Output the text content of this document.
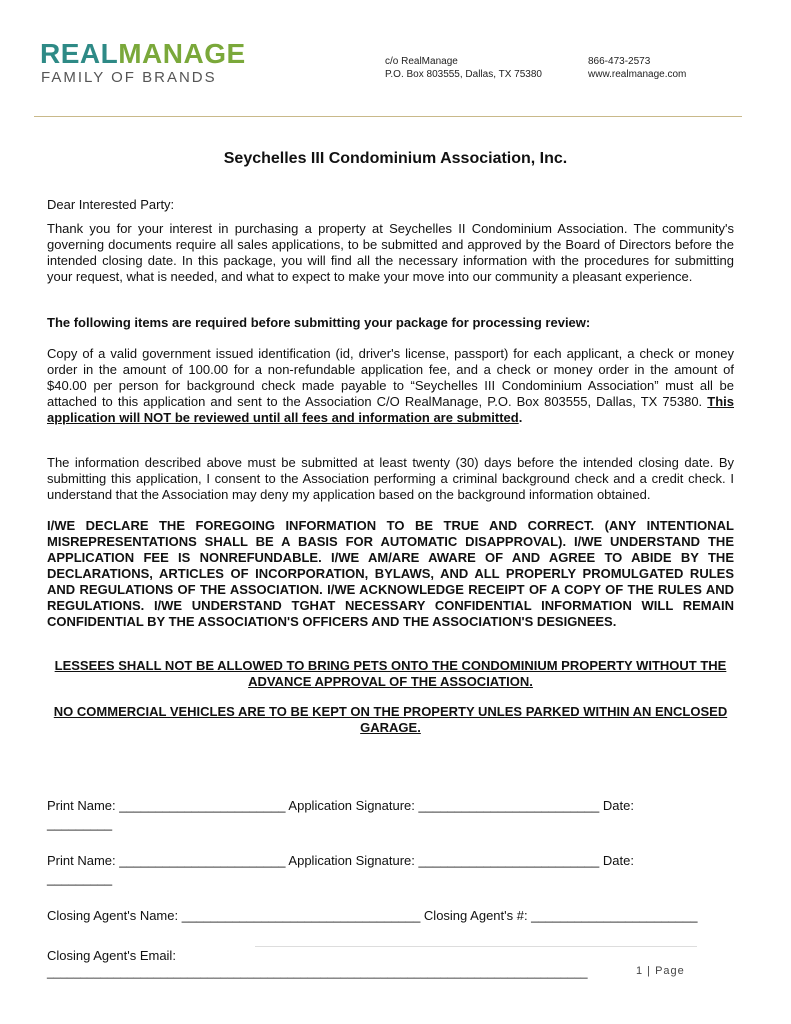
REALMANAGE
FAMILY OF BRANDS
c/o RealManage
P.O. Box 803555, Dallas, TX 75380
866-473-2573
www.realmanage.com
Seychelles III Condominium Association, Inc.
Dear Interested Party:
Thank you for your interest in purchasing a property at Seychelles II Condominium Association. The community's governing documents require all sales applications, to be submitted and approved by the Board of Directors before the intended closing date. In this package, you will find all the necessary information with the procedures for submitting your request, what is needed, and what to expect to make your move into our community a pleasant experience.
The following items are required before submitting your package for processing review:
Copy of a valid government issued identification (id, driver's license, passport) for each applicant, a check or money order in the amount of 100.00 for a non-refundable application fee, and a check or money order in the amount of $40.00 per person for background check made payable to “Seychelles III Condominium Association” must all be attached to this application and sent to the Association C/O RealManage, P.O. Box 803555, Dallas, TX 75380. This application will NOT be reviewed until all fees and information are submitted.
The information described above must be submitted at least twenty (30) days before the intended closing date. By submitting this application, I consent to the Association performing a criminal background check and a credit check. I understand that the Association may deny my application based on the background information obtained.
I/WE DECLARE THE FOREGOING INFORMATION TO BE TRUE AND CORRECT. (ANY INTENTIONAL MISREPRESENTATIONS SHALL BE A BASIS FOR AUTOMATIC DISAPPROVAL). I/WE UNDERSTAND THE APPLICATION FEE IS NONREFUNDABLE. I/WE AM/ARE AWARE OF AND AGREE TO ABIDE BY THE DECLARATIONS, ARTICLES OF INCORPORATION, BYLAWS, AND ALL PROPERLY PROMULGATED RULES AND REGULATIONS OF THE ASSOCIATION. I/WE ACKNOWLEDGE RECEIPT OF A COPY OF THE RULES AND REGULATIONS. I/WE UNDERSTAND TGHAT NECESSARY CONFIDENTIAL INFORMATION WILL REMAIN CONFIDENTIAL BY THE ASSOCIATION'S OFFICERS AND THE ASSOCIATION'S DESIGNEES.
LESSEES SHALL NOT BE ALLOWED TO BRING PETS ONTO THE CONDOMINIUM PROPERTY WITHOUT THE ADVANCE APPROVAL OF THE ASSOCIATION.
NO COMMERCIAL VEHICLES ARE TO BE KEPT ON THE PROPERTY UNLES PARKED WITHIN AN ENCLOSED GARAGE.
Print Name: _______________________ Application Signature: _________________________ Date:
_________
Print Name: _______________________ Application Signature: _________________________ Date:
_________
Closing Agent's Name: _________________________________ Closing Agent's #: _______________________
Closing Agent's Email:
_________________________________________________________________________________	1 | Page
